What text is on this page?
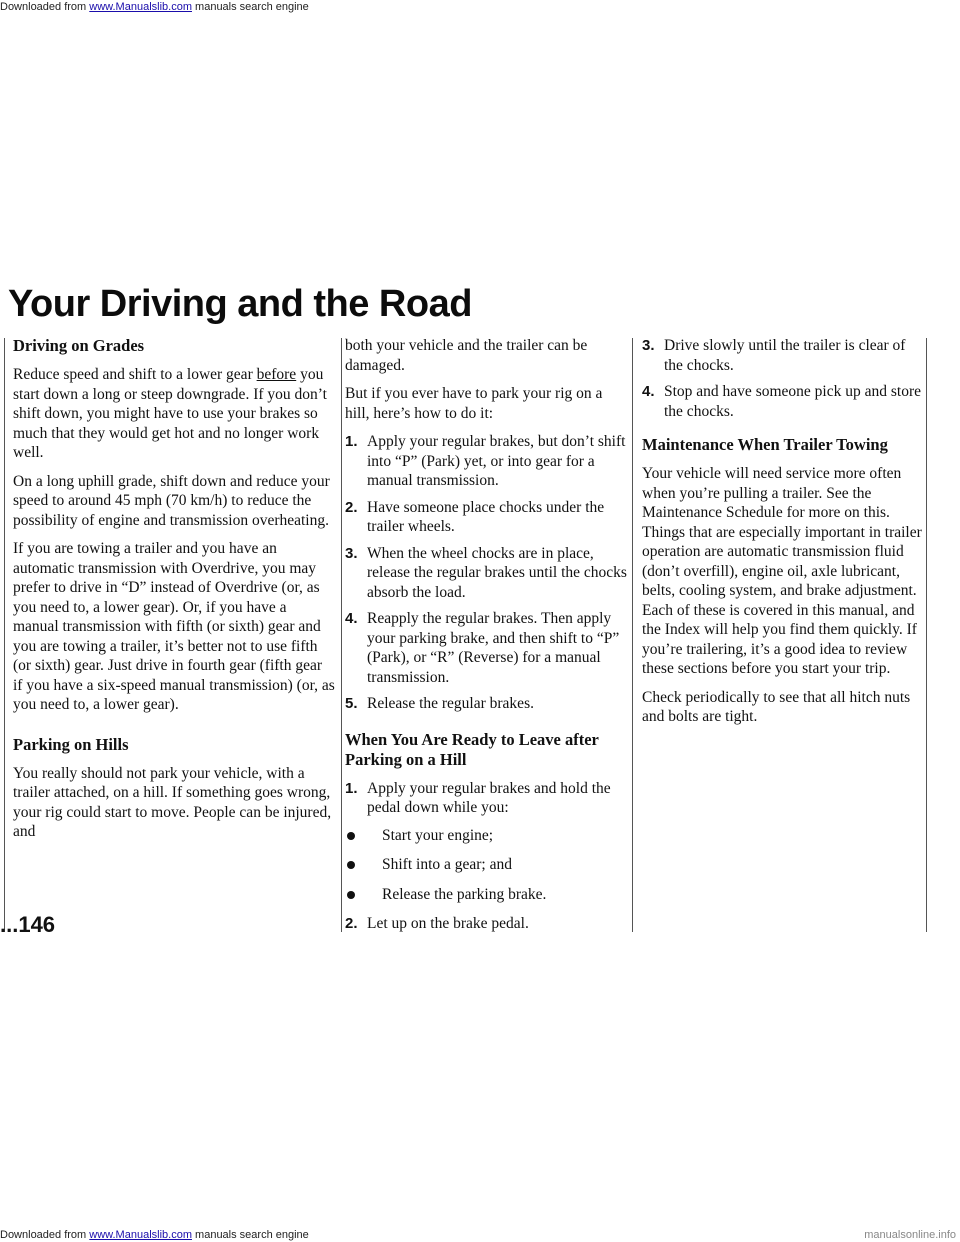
Downloaded from www.Manualslib.com manuals search engine
Your Driving and the Road
Driving on Grades

Reduce speed and shift to a lower gear before you start down a long or steep downgrade. If you don’t shift down, you might have to use your brakes so much that they would get hot and no longer work well.

On a long uphill grade, shift down and reduce your speed to around 45 mph (70 km/h) to reduce the possibility of engine and transmission overheating.

If you are towing a trailer and you have an automatic transmission with Overdrive, you may prefer to drive in “D” instead of Overdrive (or, as you need to, a lower gear). Or, if you have a manual transmission with fifth (or sixth) gear and you are towing a trailer, it’s better not to use fifth (or sixth) gear. Just drive in fourth gear (fifth gear if you have a six-speed manual transmission) (or, as you need to, a lower gear).

Parking on Hills

You really should not park your vehicle, with a trailer attached, on a hill. If something goes wrong, your rig could start to move. People can be injured, and

both your vehicle and the trailer can be damaged.

But if you ever have to park your rig on a hill, here’s how to do it:

1. Apply your regular brakes, but don’t shift into “P” (Park) yet, or into gear for a manual transmission.
2. Have someone place chocks under the trailer wheels.
3. When the wheel chocks are in place, release the regular brakes until the chocks absorb the load.
4. Reapply the regular brakes. Then apply your parking brake, and then shift to “P” (Park), or “R” (Reverse) for a manual transmission.
5. Release the regular brakes.
When You Are Ready to Leave after Parking on a Hill
1. Apply your regular brakes and hold the pedal down while you:
Start your engine;
Shift into a gear; and
Release the parking brake.
2. Let up on the brake pedal.
3. Drive slowly until the trailer is clear of the chocks.
4. Stop and have someone pick up and store the chocks.
Maintenance When Trailer Towing

Your vehicle will need service more often when you’re pulling a trailer. See the Maintenance Schedule for more on this. Things that are especially important in trailer operation are automatic transmission fluid (don’t overfill), engine oil, axle lubricant, belts, cooling system, and brake adjustment. Each of these is covered in this manual, and the Index will help you find them quickly. If you’re trailering, it’s a good idea to review these sections before you start your trip.

Check periodically to see that all hitch nuts and bolts are tight.

...146
Downloaded from www.Manualslib.com manuals search engine	manualsonline.info
